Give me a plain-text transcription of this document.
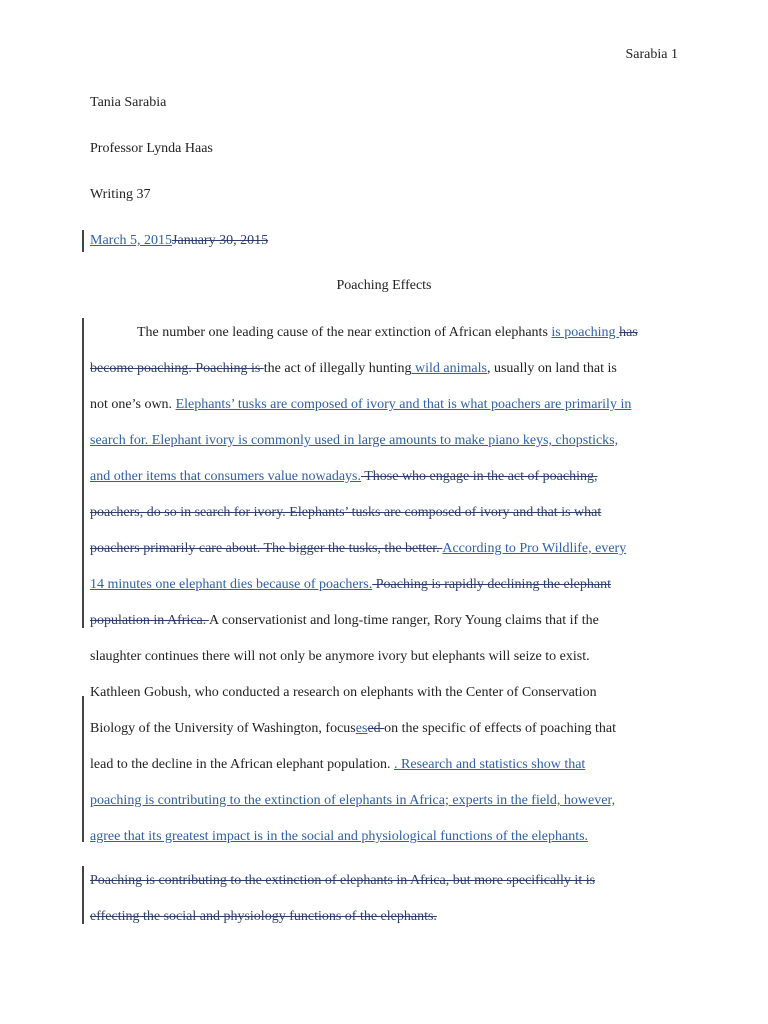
Sarabia 1
Tania Sarabia
Professor Lynda Haas
Writing 37
March 5, 2015January 30, 2015
Poaching Effects
The number one leading cause of the near extinction of African elephants is poaching has
become poaching. Poaching is the act of illegally hunting wild animals, usually on land that is
not one’s own. Elephants’ tusks are composed of ivory and that is what poachers are primarily in
search for. Elephant ivory is commonly used in large amounts to make piano keys, chopsticks,
and other items that consumers value nowadays. Those who engage in the act of poaching,
poachers, do so in search for ivory. Elephants’ tusks are composed of ivory and that is what
poachers primarily care about. The bigger the tusks, the better. According to Pro Wildlife, every
14 minutes one elephant dies because of poachers. Poaching is rapidly declining the elephant
population in Africa. A conservationist and long-time ranger, Rory Young claims that if the
slaughter continues there will not only be anymore ivory but elephants will seize to exist.
Kathleen Gobush, who conducted a research on elephants with the Center of Conservation
Biology of the University of Washington, focusesed on the specific of effects of poaching that
lead to the decline in the African elephant population. . Research and statistics show that
poaching is contributing to the extinction of elephants in Africa; experts in the field, however,
agree that its greatest impact is in the social and physiological functions of the elephants.
Poaching is contributing to the extinction of elephants in Africa, but more specifically it is
effecting the social and physiology functions of the elephants.
